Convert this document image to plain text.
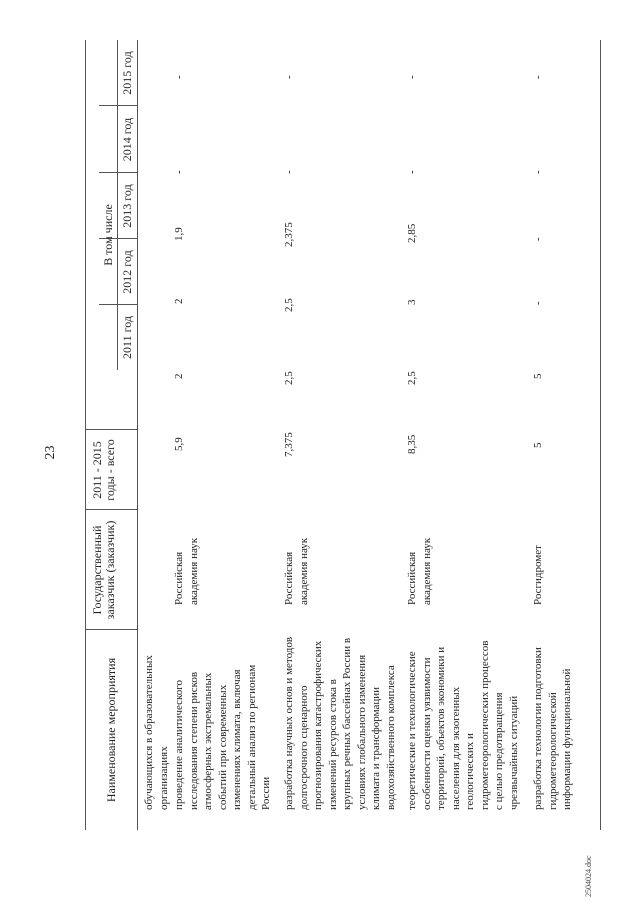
23
Наименование мероприятия
Государственный заказчик (заказчик)
2011 - 2015 годы - всего
В том числе
2011 год
2012 год
2013 год
2014 год
2015 год
обучающихся в образовательных
организациях проведение аналитического
исследования степени рисков
атмосферных экстремальных
событий при современных
изменениях климата, включая
детальный анализ по регионам
России
Российская
академия наук
5,9
2
2
1,9
-
-
разработка научных основ и методов
долгосрочного сценарного
прогнозирования катастрофических
изменений ресурсов стока в
крупных речных бассейнах России в
условиях глобального изменения
климата и трансформации
водохозяйственного комплекса
Российская
академия наук
7,375
2,5
2,5
2,375
-
-
теоретические и технологические
особенности оценки уязвимости
территорий, объектов экономики и
населения для экзогенных
геологических и
гидрометеорологических процессов
с целью предотвращения
чрезвычайных ситуаций
Российская
академия наук
8,35
2,5
3
2,85
-
-
разработка технологии подготовки
гидрометеорологической
информации функциональной
Росгидромет
5
5
-
-
-
-
2504024.doc
